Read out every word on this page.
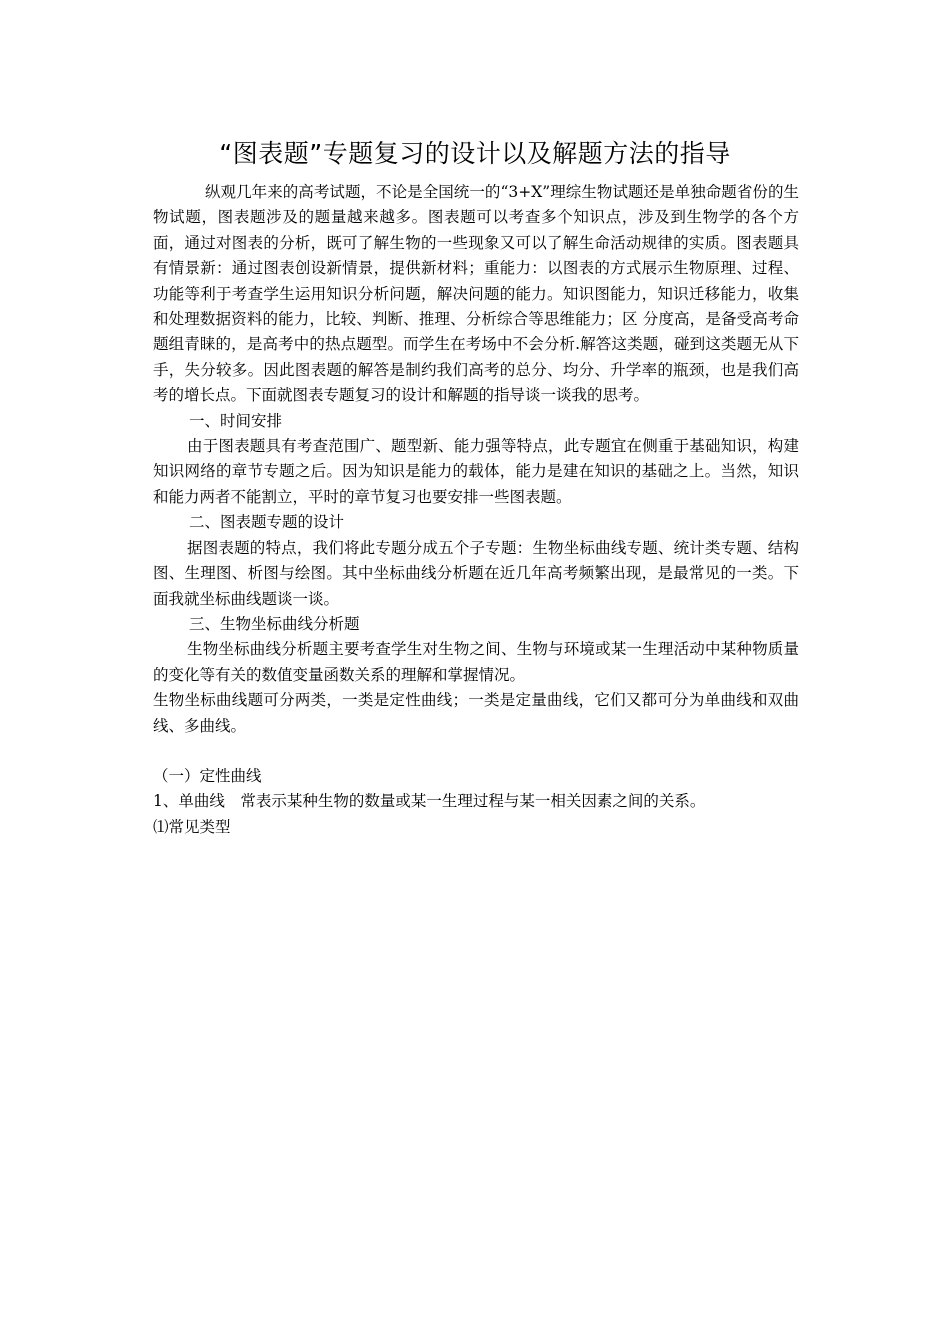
“图表题”专题复习的设计以及解题方法的指导

纵观几年来的高考试题，不论是全国统一的“3+X”理综生物试题还是单独命题省份的生物试题，图表题涉及的题量越来越多。图表题可以考查多个知识点，涉及到生物学的各个方面，通过对图表的分析，既可了解生物的一些现象又可以了解生命活动规律的实质。图表题具有情景新：通过图表创设新情景，提供新材料；重能力：以图表的方式展示生物原理、过程、功能等利于考查学生运用知识分析问题，解决问题的能力。知识图能力，知识迁移能力，收集和处理数据资料的能力，比较、判断、推理、分析综合等思维能力；区 分度高，是备受高考命题组青睐的，是高考中的热点题型。而学生在考场中不会分析.解答这类题，碰到这类题无从下手，失分较多。因此图表题的解答是制约我们高考的总分、均分、升学率的瓶颈，也是我们高考的增长点。下面就图表专题复习的设计和解题的指导谈一谈我的思考。

一、时间安排

由于图表题具有考查范围广、题型新、能力强等特点，此专题宜在侧重于基础知识，构建知识网络的章节专题之后。因为知识是能力的载体，能力是建在知识的基础之上。当然，知识和能力两者不能割立，平时的章节复习也要安排一些图表题。

二、图表题专题的设计

据图表题的特点，我们将此专题分成五个子专题：生物坐标曲线专题、统计类专题、结构图、生理图、析图与绘图。其中坐标曲线分析题在近几年高考频繁出现，是最常见的一类。下面我就坐标曲线题谈一谈。

三、生物坐标曲线分析题

生物坐标曲线分析题主要考查学生对生物之间、生物与环境或某一生理活动中某种物质量的变化等有关的数值变量函数关系的理解和掌握情况。

生物坐标曲线题可分两类，一类是定性曲线；一类是定量曲线，它们又都可分为单曲线和双曲线、多曲线。

（一）定性曲线

1、单曲线　常表示某种生物的数量或某一生理过程与某一相关因素之间的关系。

⑴常见类型
